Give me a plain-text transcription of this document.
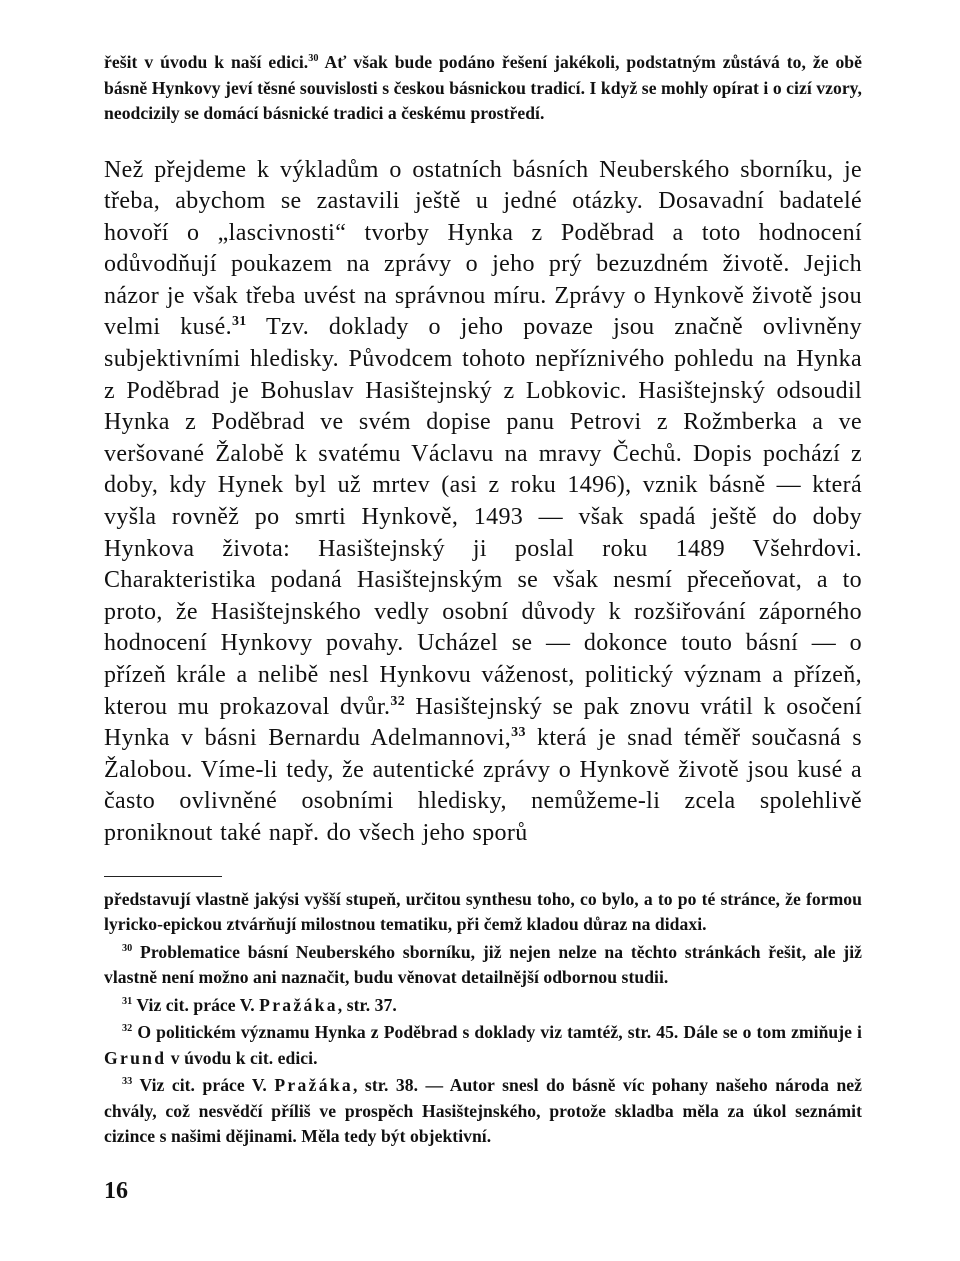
řešit v úvodu k naší edici.$^{30}$ Ať však bude podáno řešení jakékoli, podstatným zůstává to, že obě básně Hynkovy jeví těsné souvislosti s českou básnickou tradicí. I když se mohly opírat i o cizí vzory, neodcizily se domácí básnické tradici a českému prostředí.

Než přejdeme k výkladům o ostatních básních Neuberského sborníku, je třeba, abychom se zastavili ještě u jedné otázky. Dosavadní badatelé hovoří o „lascivnosti“ tvorby Hynka z Poděbrad a toto hodnocení odůvodňují poukazem na zprávy o jeho prý bezuzdném životě. Jejich názor je však třeba uvést na správnou míru. Zprávy o Hynkově životě jsou velmi kusé.$^{31}$ Tzv. doklady o jeho povaze jsou značně ovlivněny subjektivními hledisky. Původcem tohoto nepříznivého pohledu na Hynka z Poděbrad je Bohuslav Hasištejnský z Lobkovic. Hasištejnský odsoudil Hynka z Poděbrad ve svém dopise panu Petrovi z Rožmberka a ve veršované Žalobě k svatému Václavu na mravy Čechů. Dopis pochází z doby, kdy Hynek byl už mrtev (asi z roku 1496), vznik básně — která vyšla rovněž po smrti Hynkově, 1493 — však spadá ještě do doby Hynkova života: Hasištejnský ji poslal roku 1489 Všehrdovi. Charakteristika podaná Hasištejnským se však nesmí přeceňovat, a to proto, že Hasištejnského vedly osobní důvody k rozšiřování záporného hodnocení Hynkovy povahy. Ucházel se — dokonce touto básní — o přízeň krále a nelibě nesl Hynkovu váženost, politický význam a přízeň, kterou mu prokazoval dvůr.$^{32}$ Hasištejnský se pak znovu vrátil k osočení Hynka v básni Bernardu Adelmannovi,$^{33}$ která je snad téměř současná s Žalobou. Víme-li tedy, že autentické zprávy o Hynkově životě jsou kusé a často ovlivněné osobními hledisky, nemůžeme-li zcela spolehlivě proniknout také např. do všech jeho sporů

představují vlastně jakýsi vyšší stupeň, určitou synthesu toho, co bylo, a to po té stránce, že formou lyricko-epickou ztvárňují milostnou tematiku, při čemž kladou důraz na didaxi.

$^{30}$ Problematice básní Neuberského sborníku, již nejen nelze na těchto stránkách řešit, ale již vlastně není možno ani naznačit, budu věnovat detailnější odbornou studii.

$^{31}$ Viz cit. práce V. Pražáka, str. 37.

$^{32}$ O politickém významu Hynka z Poděbrad s doklady viz tamtéž, str. 45. Dále se o tom zmiňuje i Grund v úvodu k cit. edici.

$^{33}$ Viz cit. práce V. Pražáka, str. 38. — Autor snesl do básně víc pohany našeho národa než chvály, což nesvědčí příliš ve prospěch Hasištejnského, protože skladba měla za úkol seznámit cizince s našimi dějinami. Měla tedy být objektivní.

16
